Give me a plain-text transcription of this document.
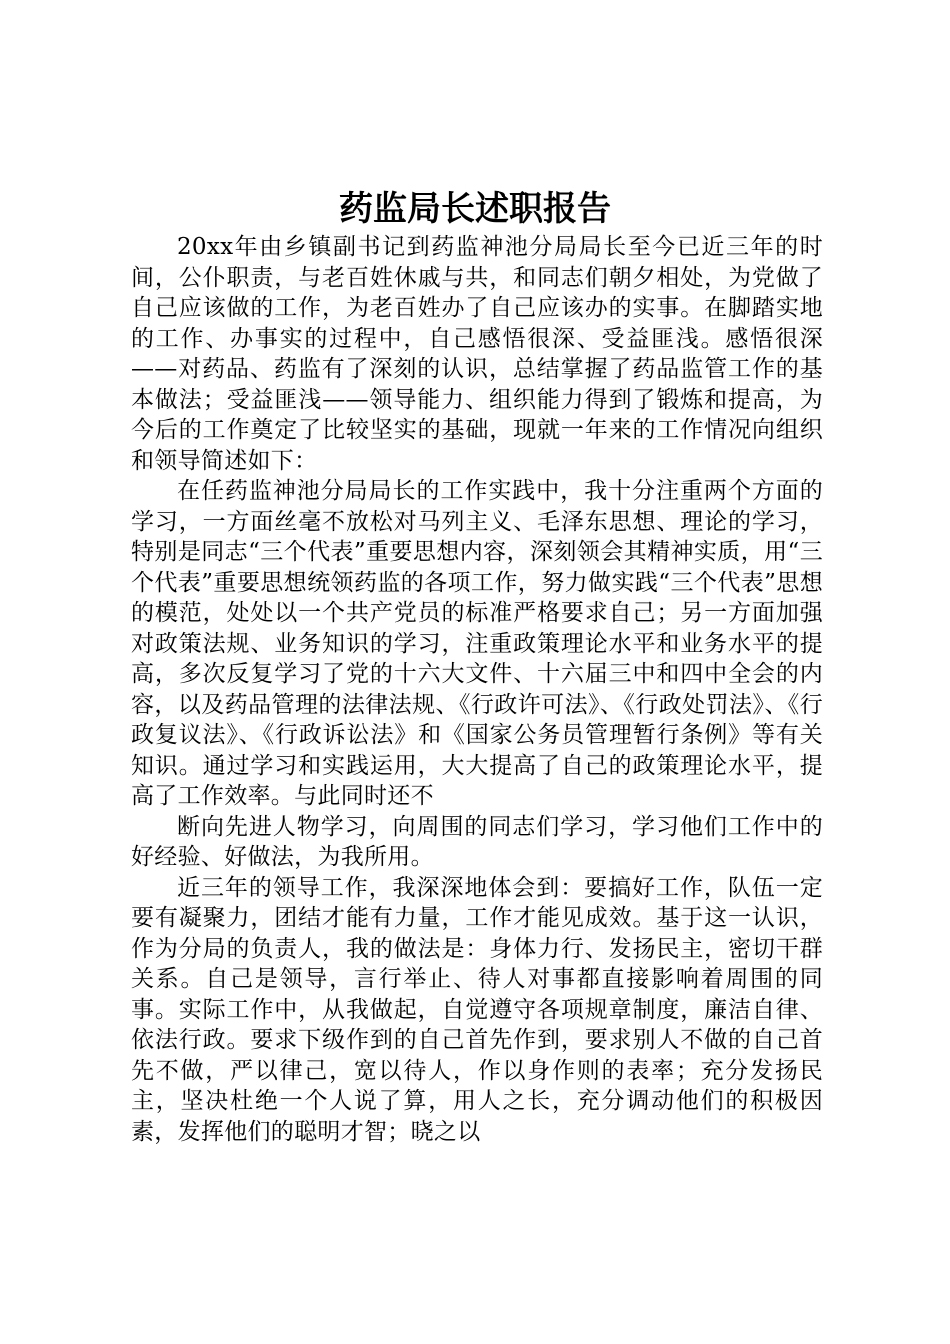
药监局长述职报告

20xx年由乡镇副书记到药监神池分局局长至今已近三年的时间，公仆职责，与老百姓休戚与共，和同志们朝夕相处，为党做了自己应该做的工作，为老百姓办了自己应该办的实事。在脚踏实地的工作、办事实的过程中，自己感悟很深、受益匪浅。感悟很深——对药品、药监有了深刻的认识，总结掌握了药品监管工作的基本做法；受益匪浅——领导能力、组织能力得到了锻炼和提高，为今后的工作奠定了比较坚实的基础，现就一年来的工作情况向组织和领导简述如下：

在任药监神池分局局长的工作实践中，我十分注重两个方面的学习，一方面丝毫不放松对马列主义、毛泽东思想、理论的学习，特别是同志“三个代表”重要思想内容，深刻领会其精神实质，用“三个代表”重要思想统领药监的各项工作，努力做实践“三个代表”思想的模范，处处以一个共产党员的标准严格要求自己；另一方面加强对政策法规、业务知识的学习，注重政策理论水平和业务水平的提高，多次反复学习了党的十六大文件、十六届三中和四中全会的内容，以及药品管理的法律法规、《行政许可法》、《行政处罚法》、《行政复议法》、《行政诉讼法》和《国家公务员管理暂行条例》等有关知识。通过学习和实践运用，大大提高了自己的政策理论水平，提高了工作效率。与此同时还不

断向先进人物学习，向周围的同志们学习，学习他们工作中的好经验、好做法，为我所用。

近三年的领导工作，我深深地体会到：要搞好工作，队伍一定要有凝聚力，团结才能有力量，工作才能见成效。基于这一认识，作为分局的负责人，我的做法是：身体力行、发扬民主，密切干群关系。自己是领导，言行举止、待人对事都直接影响着周围的同事。实际工作中，从我做起，自觉遵守各项规章制度，廉洁自律、依法行政。要求下级作到的自己首先作到，要求别人不做的自己首先不做，严以律己，宽以待人，作以身作则的表率；充分发扬民主，坚决杜绝一个人说了算，用人之长，充分调动他们的积极因素，发挥他们的聪明才智；晓之以
